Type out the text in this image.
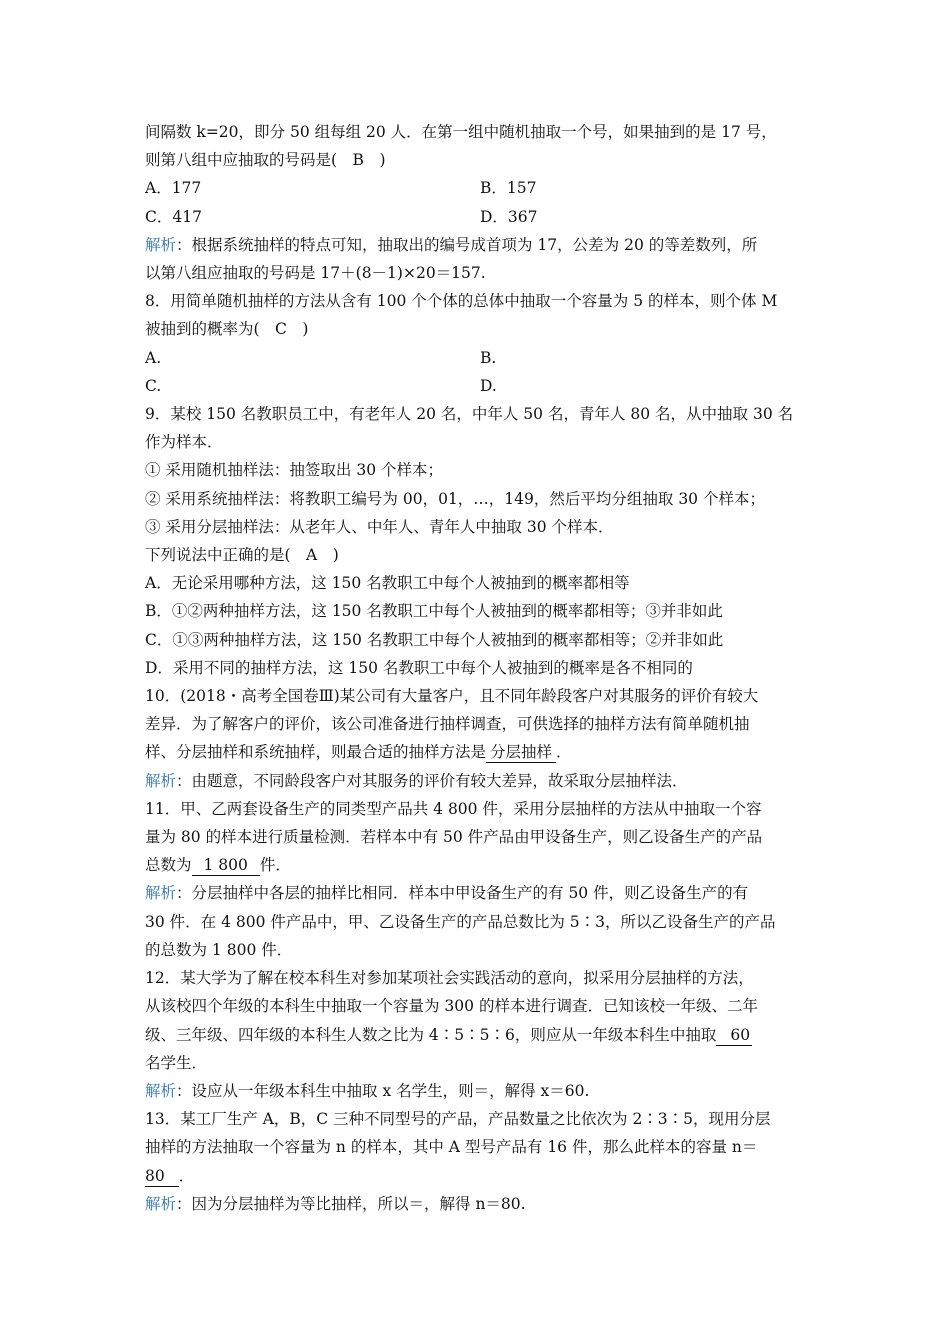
间隔数 k=20，即分 50 组每组 20 人．在第一组中随机抽取一个号，如果抽到的是 17 号，
则第八组中应抽取的号码是(　B　)
A．177	B．157
C．417	D．367
解析：根据系统抽样的特点可知，抽取出的编号成首项为 17，公差为 20 的等差数列，所
以第八组应抽取的号码是 17＋(8－1)×20＝157.
8．用简单随机抽样的方法从含有 100 个个体的总体中抽取一个容量为 5 的样本，则个体 M
被抽到的概率为(　C　)
A.	B.
C.	D.
9．某校 150 名教职员工中，有老年人 20 名，中年人 50 名，青年人 80 名，从中抽取 30 名
作为样本．
① 采用随机抽样法：抽签取出 30 个样本；
② 采用系统抽样法：将教职工编号为 00，01，…，149，然后平均分组抽取 30 个样本；
③ 采用分层抽样法：从老年人、中年人、青年人中抽取 30 个样本．
下列说法中正确的是(　A　)
A．无论采用哪种方法，这 150 名教职工中每个人被抽到的概率都相等
B．①②两种抽样方法，这 150 名教职工中每个人被抽到的概率都相等；③并非如此
C．①③两种抽样方法，这 150 名教职工中每个人被抽到的概率都相等；②并非如此
D．采用不同的抽样方法，这 150 名教职工中每个人被抽到的概率是各不相同的
10．(2018・高考全国卷Ⅲ)某公司有大量客户，且不同年龄段客户对其服务的评价有较大
差异．为了解客户的评价，该公司准备进行抽样调查，可供选择的抽样方法有简单随机抽
样、分层抽样和系统抽样，则最合适的抽样方法是 分层抽样 ．
解析：由题意，不同龄段客户对其服务的评价有较大差异，故采取分层抽样法．
11．甲、乙两套设备生产的同类型产品共 4 800 件，采用分层抽样的方法从中抽取一个容
量为 80 的样本进行质量检测．若样本中有 50 件产品由甲设备生产，则乙设备生产的产品
总数为 1 800 件．
解析：分层抽样中各层的抽样比相同．样本中甲设备生产的有 50 件，则乙设备生产的有
30 件．在 4 800 件产品中，甲、乙设备生产的产品总数比为 5∶3，所以乙设备生产的产品
的总数为 1 800 件．
12．某大学为了解在校本科生对参加某项社会实践活动的意向，拟采用分层抽样的方法，
从该校四个年级的本科生中抽取一个容量为 300 的样本进行调查．已知该校一年级、二年
级、三年级、四年级的本科生人数之比为 4∶5∶5∶6，则应从一年级本科生中抽取 60
名学生．
解析：设应从一年级本科生中抽取 x 名学生，则＝，解得 x＝60.
13．某工厂生产 A，B，C 三种不同型号的产品，产品数量之比依次为 2∶3∶5，现用分层
抽样的方法抽取一个容量为 n 的样本，其中 A 型号产品有 16 件，那么此样本的容量 n＝
80 ．
解析：因为分层抽样为等比抽样，所以＝，解得 n＝80.
